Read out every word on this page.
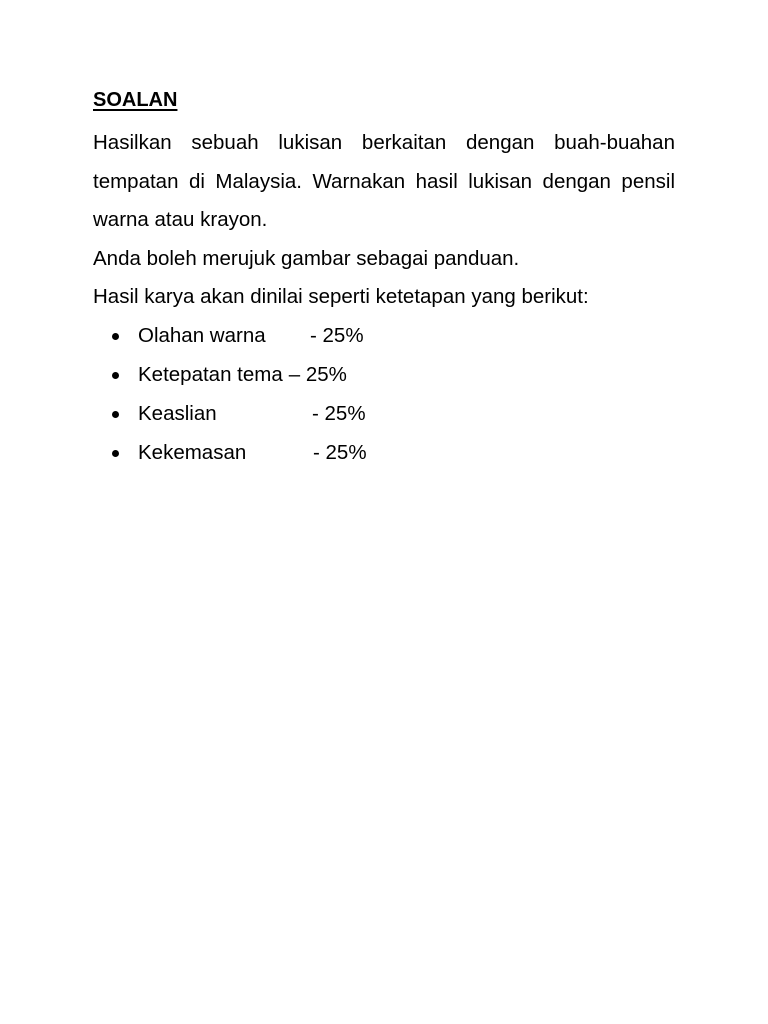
SOALAN

Hasilkan sebuah lukisan berkaitan dengan buah-buahan tempatan di Malaysia. Warnakan hasil lukisan dengan pensil warna atau krayon.

Anda boleh merujuk gambar sebagai panduan.

Hasil karya akan dinilai seperti ketetapan yang berikut:

Olahan warna	- 25%
Ketepatan tema – 25%
Keaslian	- 25%
Kekemasan	- 25%
